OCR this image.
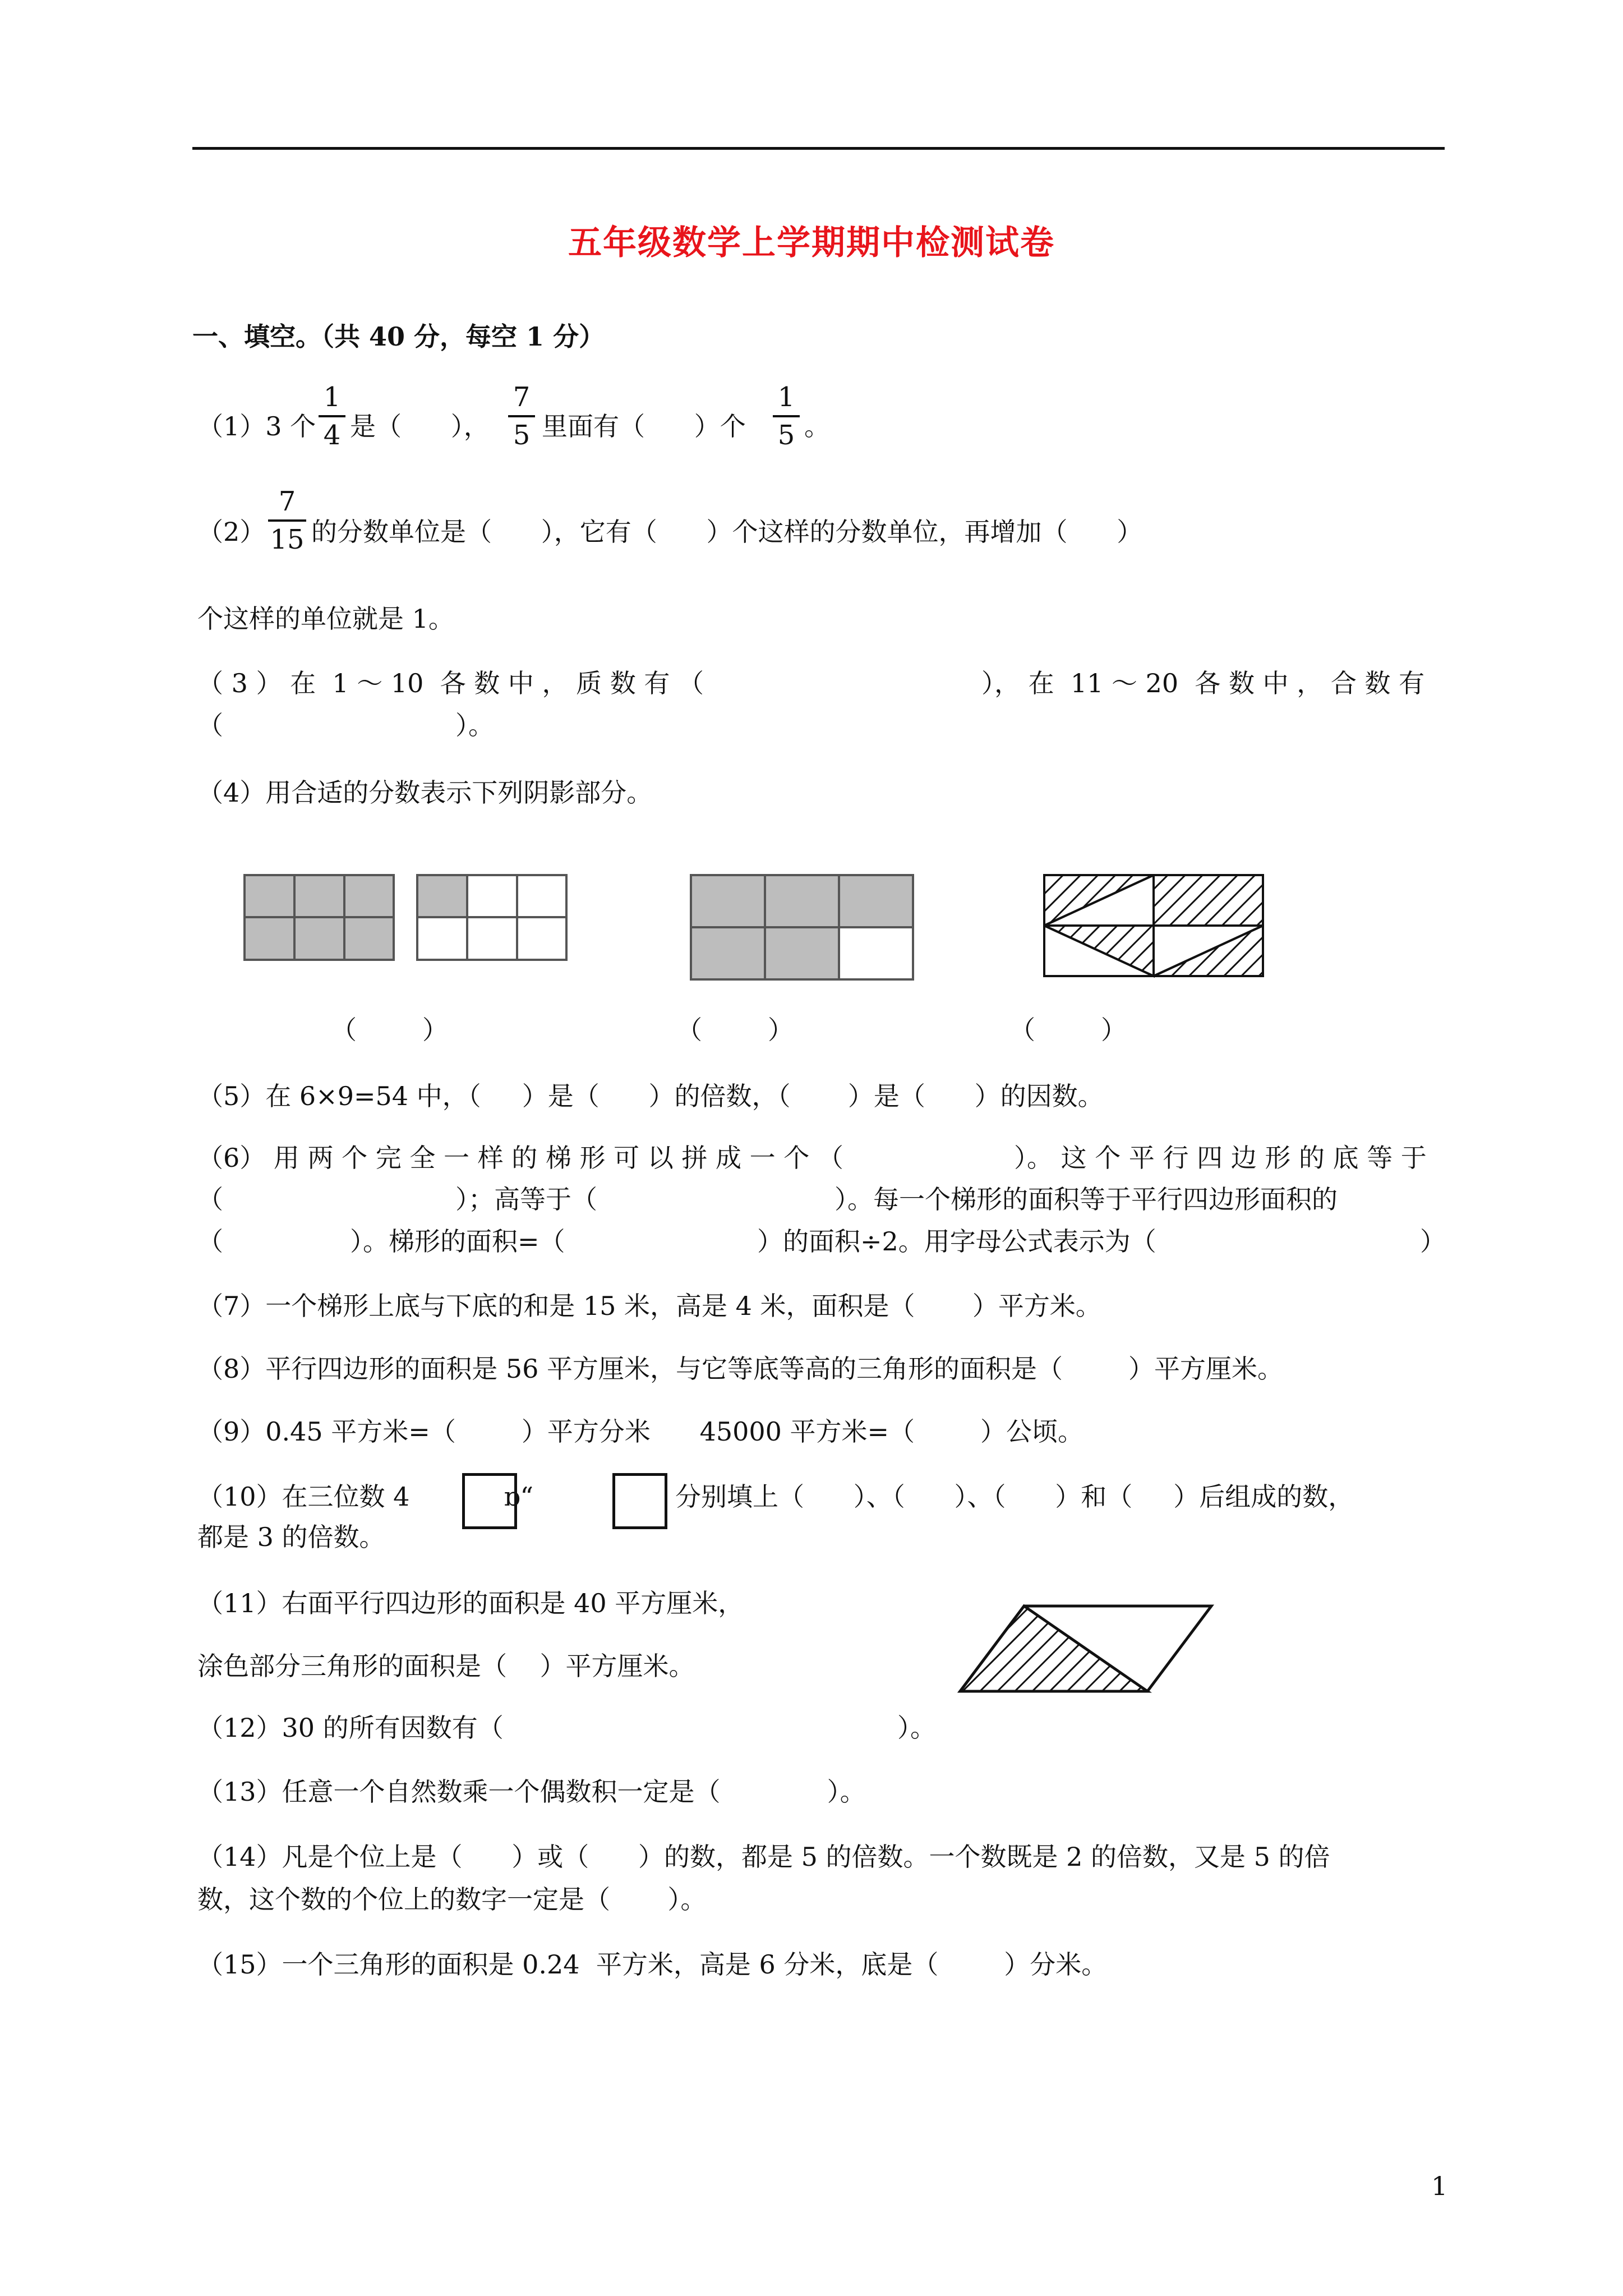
五年级数学上学期期中检测试卷
一、填空。（共 40 分，每空 1 分）
（1）3 个
1
4 是（      ），
7
5 里面有（      ）个
1
5 。
（2）
7
15 的分数单位是（      ），它有（      ）个这样的分数单位，再增加（      ）
个这样的单位就是 1。
（ 3 ） 在  1 ～ 10  各 数 中 ， 质 数 有 （	）， 在  11 ～ 20  各 数 中 ， 合 数 有
（	）。
（4）用合适的分数表示下列阴影部分。
（        ）	（        ）	（        ）
（5）在 6×9=54 中，（     ）是（      ）的倍数，（       ）是（      ）的因数。
（6） 用 两 个 完 全 一 样 的 梯 形 可 以 拼 成 一 个 （	）。 这 个 平 行 四 边 形 的 底 等 于
（	）；高等于（	）。每一个梯形的面积等于平行四边形面积的
（	）。梯形的面积=（	）的面积÷2。用字母公式表示为（	）
（7）一个梯形上底与下底的和是 15 米，高是 4 米，面积是（       ）平方米。
（8）平行四边形的面积是 56 平方厘米，与它等底等高的三角形的面积是（        ）平方厘米。
（9）0.45 平方米=（        ）平方分米      45000 平方米=（        ）公顷。
（10）在三位数 4	ɒ“	分别填上（      ）、（      ）、（      ）和（     ）后组成的数，
都是 3 的倍数。
（11）右面平行四边形的面积是 40 平方厘米，
涂色部分三角形的面积是（    ）平方厘米。
（12）30 的所有因数有（	）。
（13）任意一个自然数乘一个偶数积一定是（             ）。
（14）凡是个位上是（      ）或（      ）的数，都是 5 的倍数。一个数既是 2 的倍数，又是 5 的倍
数，这个数的个位上的数字一定是（       ）。
（15）一个三角形的面积是 0.24  平方米，高是 6 分米，底是（        ）分米。
1
